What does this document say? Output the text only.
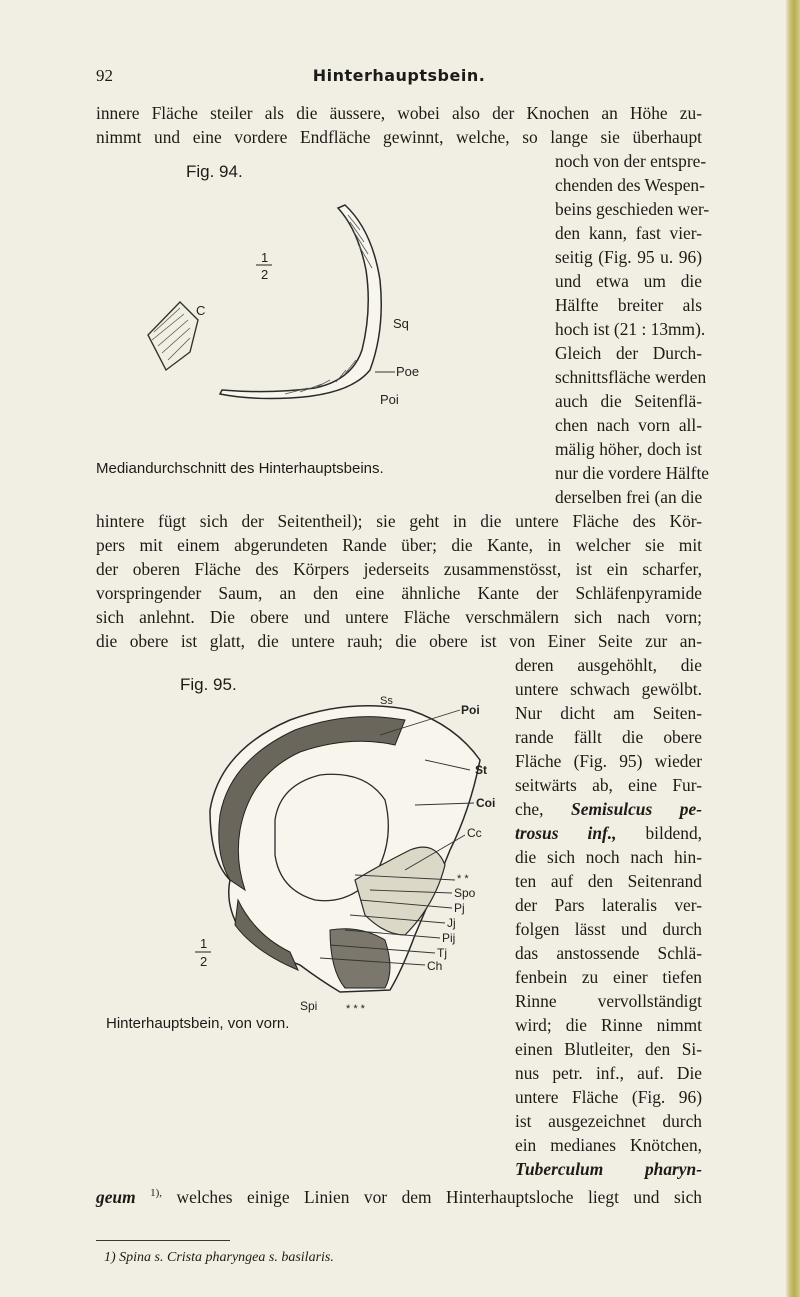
92	Hinterhauptsbein.
innere Fläche steiler als die äussere, wobei also der Knochen an Höhe zu-
nimmt und eine vordere Endfläche gewinnt, welche, so lange sie überhaupt
noch von der entspre-
chenden des Wespen-
beins geschieden wer-
den kann, fast vier-
seitig (Fig. 95 u. 96)
und etwa um die
Hälfte breiter als
hoch ist (21 : 13mm).
Gleich der Durch-
schnittsfläche werden
auch die Seitenflä-
chen nach vorn all-
mälig höher, doch ist
nur die vordere Hälfte
derselben frei (an die
Fig. 94.
1
2
C
Sq
Poe
Poi
Mediandurchschnitt des Hinterhauptsbeins.
hintere fügt sich der Seitentheil); sie geht in die untere Fläche des Kör-
pers mit einem abgerundeten Rande über; die Kante, in welcher sie mit
der oberen Fläche des Körpers jederseits zusammenstösst, ist ein scharfer,
vorspringender Saum, an den eine ähnliche Kante der Schläfenpyramide
sich anlehnt. Die obere und untere Fläche verschmälern sich nach vorn;
die obere ist glatt, die untere rauh; die obere ist von Einer Seite zur an-
deren ausgehöhlt, die
untere schwach gewölbt.
Nur dicht am Seiten-
rande fällt die obere
Fläche (Fig. 95) wieder
seitwärts ab, eine Fur-
che, Semisulcus pe-
trosus inf., bildend,
die sich noch nach hin-
ten auf den Seitenrand
der Pars lateralis ver-
folgen lässt und durch
das anstossende Schlä-
fenbein zu einer tiefen
Rinne vervollständigt
wird; die Rinne nimmt
Fig. 95.
Ss
Poi
St
Coi
Cc
* *
Spo
Pj
Jj
Pij
Tj
Ch
Spi	* * *
1
2
einen Blutleiter, den Si-
Hinterhauptsbein, von vorn.
1) Spina s. Crista pharyngea s. basilaris.
nus petr. inf., auf. Die
untere Fläche (Fig. 96)
ist ausgezeichnet durch
ein medianes Knötchen,
Tuberculum pharyn-
geum $^{1),}$ welches einige Linien vor dem Hinterhauptsloche liegt und sich
